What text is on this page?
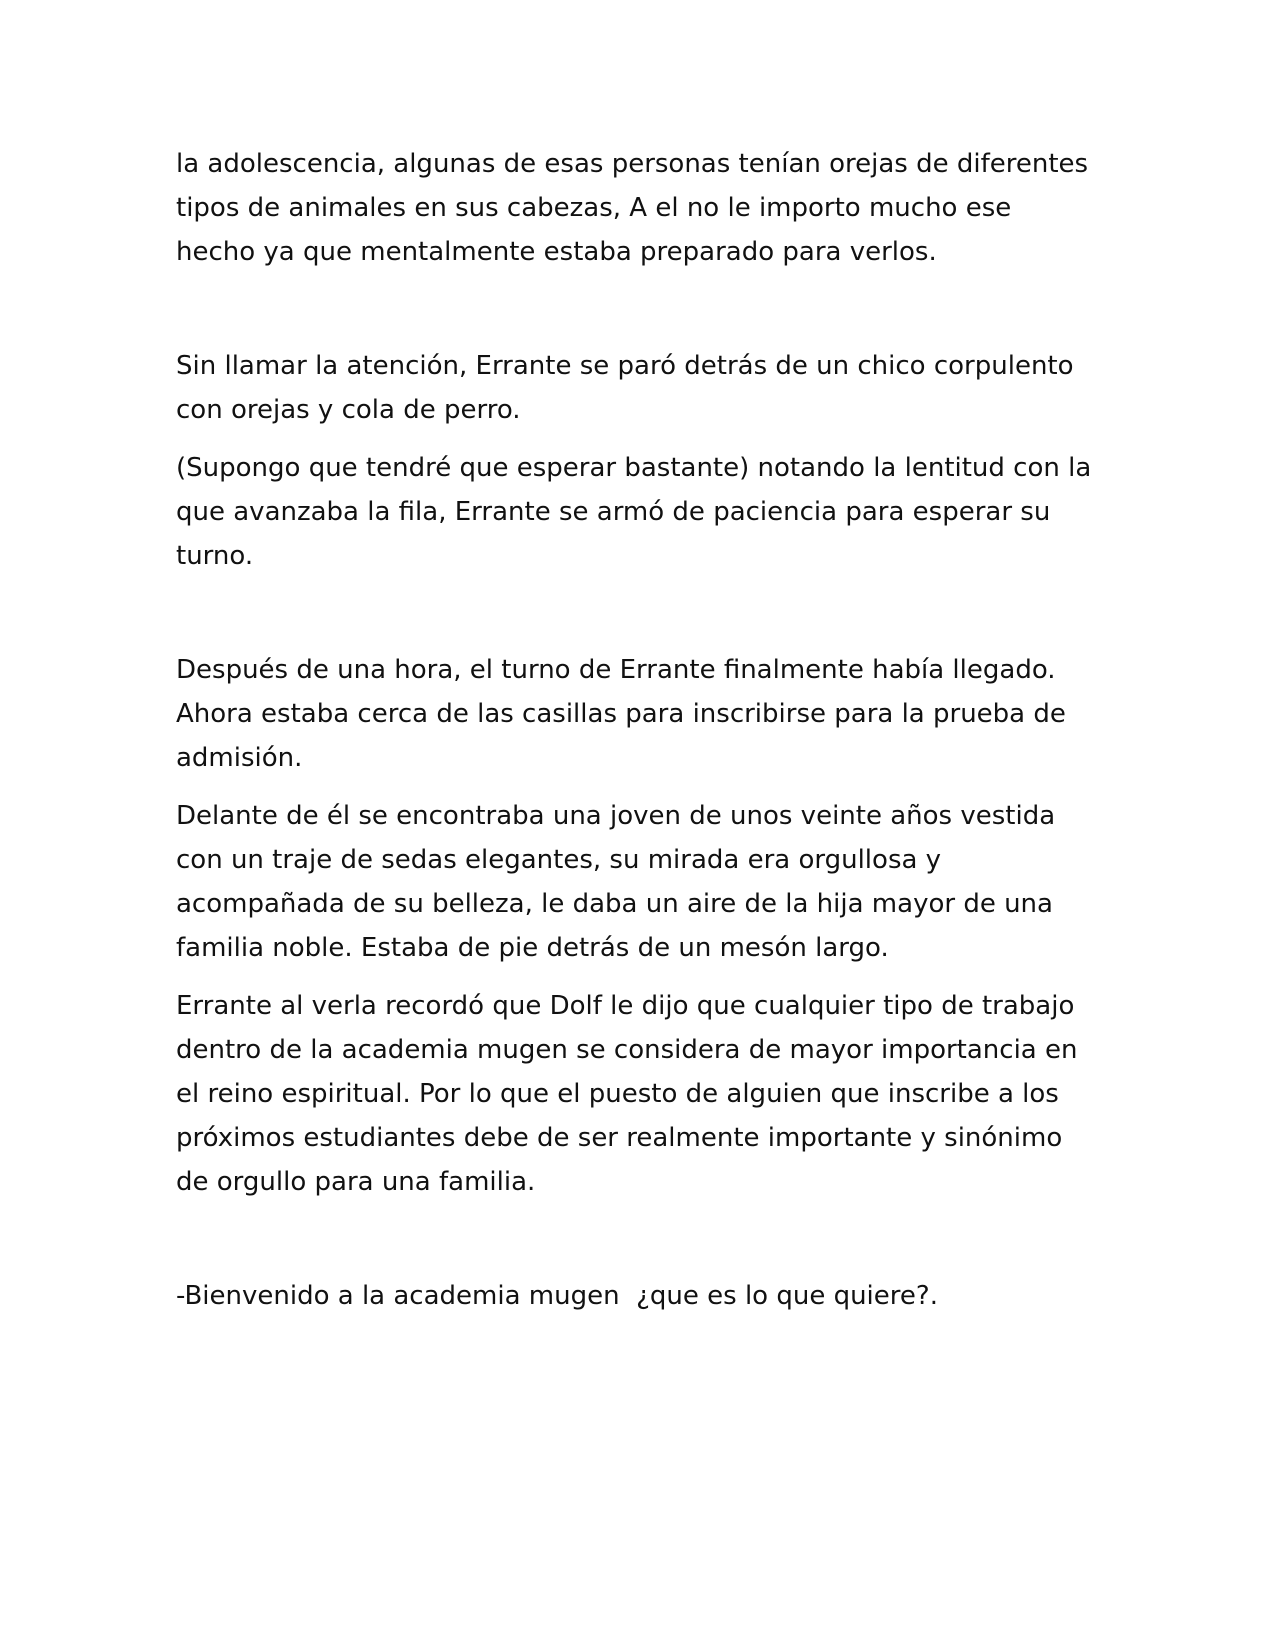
la adolescencia, algunas de esas personas tenían orejas de diferentes tipos de animales en sus cabezas, A el no le importo mucho ese hecho ya que mentalmente estaba preparado para verlos.

Sin llamar la atención, Errante se paró detrás de un chico corpulento con orejas y cola de perro.

(Supongo que tendré que esperar bastante) notando la lentitud con la que avanzaba la fila, Errante se armó de paciencia para esperar su turno.

Después de una hora, el turno de Errante finalmente había llegado. Ahora estaba cerca de las casillas para inscribirse para la prueba de admisión.

Delante de él se encontraba una joven de unos veinte años vestida con un traje de sedas elegantes, su mirada era orgullosa y acompañada de su belleza, le daba un aire de la hija mayor de una familia noble. Estaba de pie detrás de un mesón largo.

Errante al verla recordó que Dolf le dijo que cualquier tipo de trabajo dentro de la academia mugen se considera de mayor importancia en el reino espiritual. Por lo que el puesto de alguien que inscribe a los próximos estudiantes debe de ser realmente importante y sinónimo de orgullo para una familia.

-Bienvenido a la academia mugen  ¿que es lo que quiere?.
